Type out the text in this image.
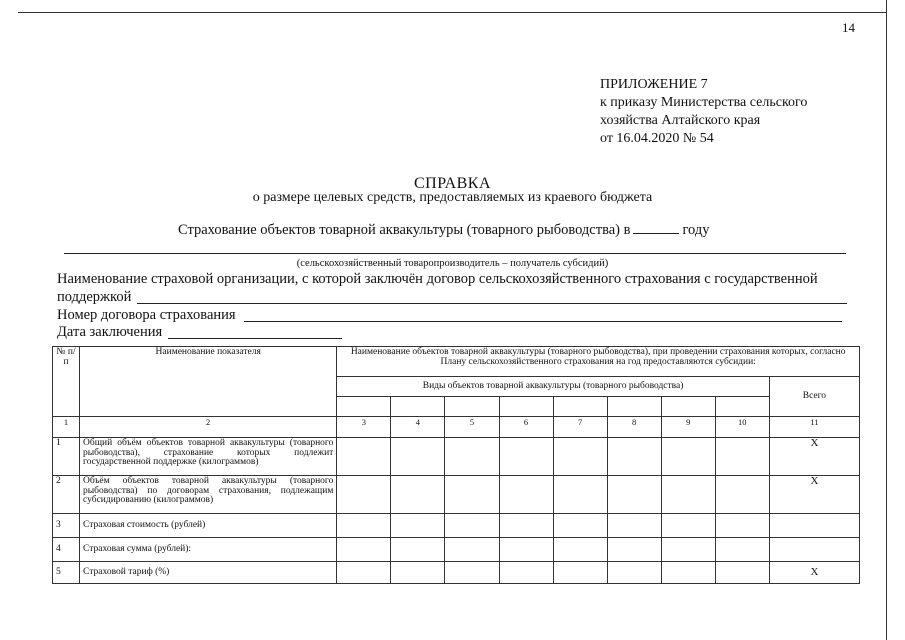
14
ПРИЛОЖЕНИЕ 7
к приказу Министерства сельского
хозяйства Алтайского края
от 16.04.2020 № 54
СПРАВКА
о размере целевых средств, предоставляемых из краевого бюджета
Страхование объектов товарной аквакультуры (товарного рыбоводства) в	году
(сельскохозяйственный товаропроизводитель – получатель субсидий)
Наименование страховой организации, с которой заключён договор сельскохозяйственного страхования с государственной
поддержкой
Номер договора страхования
Дата заключения
№ п/п	Наименование показателя	Наименование объектов товарной аквакультуры (товарного рыбоводства), при проведении страхования которых, согласно Плану сельскохозяйственного страхования на год предоставляются субсидии:								
		Виды объектов товарной аквакультуры (товарного рыбоводства)								Всего

1	2	3	4	5	6	7	8	9	10	11
1	Общий объём объектов товарной аквакультуры (товарного рыбоводства), страхование которых подлежит государственной поддержке (килограммов)									X
2	Объём объектов товарной аквакультуры (товарного рыбоводства) по договорам страхования, подлежащим субсидированию (килограммов)									X
3	Страховая стоимость (рублей)									
4	Страховая сумма (рублей):									
5	Страховой тариф (%)									X
